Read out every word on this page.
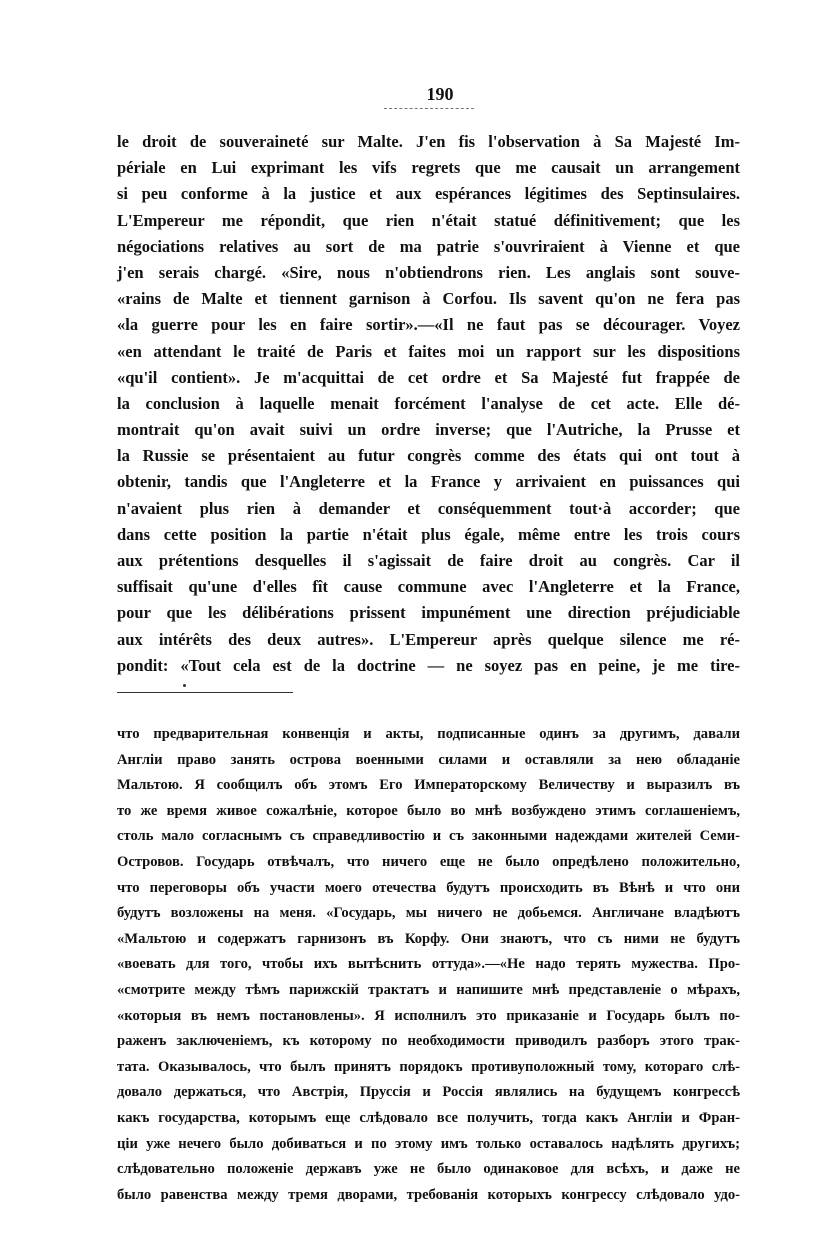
190
le droit de souveraineté sur Malte. J'en fis l'observation à Sa Majesté Im-
périale en Lui exprimant les vifs regrets que me causait un arrangement
si peu conforme à la justice et aux espérances légitimes des Septinsulaires.
L'Empereur me répondit, que rien n'était statué définitivement; que les
négociations relatives au sort de ma patrie s'ouvriraient à Vienne et que
j'en serais chargé. «Sire, nous n'obtiendrons rien. Les anglais sont souve-
«rains de Malte et tiennent garnison à Corfou. Ils savent qu'on ne fera pas
«la guerre pour les en faire sortir».—«Il ne faut pas se décourager. Voyez
«en attendant le traité de Paris et faites moi un rapport sur les dispositions
«qu'il contient». Je m'acquittai de cet ordre et Sa Majesté fut frappée de
la conclusion à laquelle menait forcément l'analyse de cet acte. Elle dé-
montrait qu'on avait suivi un ordre inverse; que l'Autriche, la Prusse et
la Russie se présentaient au futur congrès comme des états qui ont tout à
obtenir, tandis que l'Angleterre et la France y arrivaient en puissances qui
n'avaient plus rien à demander et conséquemment tout·à accorder; que
dans cette position la partie n'était plus égale, même entre les trois cours
aux prétentions desquelles il s'agissait de faire droit au congrès. Car il
suffisait qu'une d'elles fît cause commune avec l'Angleterre et la France,
pour que les délibérations prissent impunément une direction préjudiciable
aux intérêts des deux autres». L'Empereur après quelque silence me ré-
pondit: «Tout cela est de la doctrine — ne soyez pas en peine, je me tire-
что предварительная конвенція и акты, подписанные одинъ за другимъ, давали
Англіи право занять острова военными силами и оставляли за нею обладаніе
Мальтою. Я сообщилъ объ этомъ Его Императорскому Величеству и выразилъ въ
то же время живое сожалѣніе, которое было во мнѣ возбуждено этимъ соглашеніемъ,
столь мало согласнымъ съ справедливостію и съ законными надеждами жителей Семи-
Островов. Государь отвѣчалъ, что ничего еще не было опредѣлено положительно,
что переговоры объ участи моего отечества будутъ происходить въ Вѣнѣ и что они
будутъ возложены на меня. «Государь, мы ничего не добьемся. Англичане владѣютъ
«Мальтою и содержатъ гарнизонъ въ Корфу. Они знаютъ, что съ ними не будутъ
«воевать для того, чтобы ихъ вытѣснить оттуда».—«Не надо терять мужества. Про-
«смотрите между тѣмъ парижскій трактатъ и напишите мнѣ представленіе о мѣрахъ,
«которыя въ немъ постановлены». Я исполнилъ это приказаніе и Государь былъ по-
раженъ заключеніемъ, къ которому по необходимости приводилъ разборъ этого трак-
тата. Оказывалось, что былъ принятъ порядокъ противуположный тому, котораго слѣ-
довало держаться, что Австрія, Пруссія и Россія являлись на будущемъ конгрессѣ
какъ государства, которымъ еще слѣдовало все получить, тогда какъ Англіи и Фран-
ціи уже нечего было добиваться и по этому имъ только оставалось надѣлять другихъ;
слѣдовательно положеніе державъ уже не было одинаковое для всѣхъ, и даже не
было равенства между тремя дворами, требованія которыхъ конгрессу слѣдовало удо-
